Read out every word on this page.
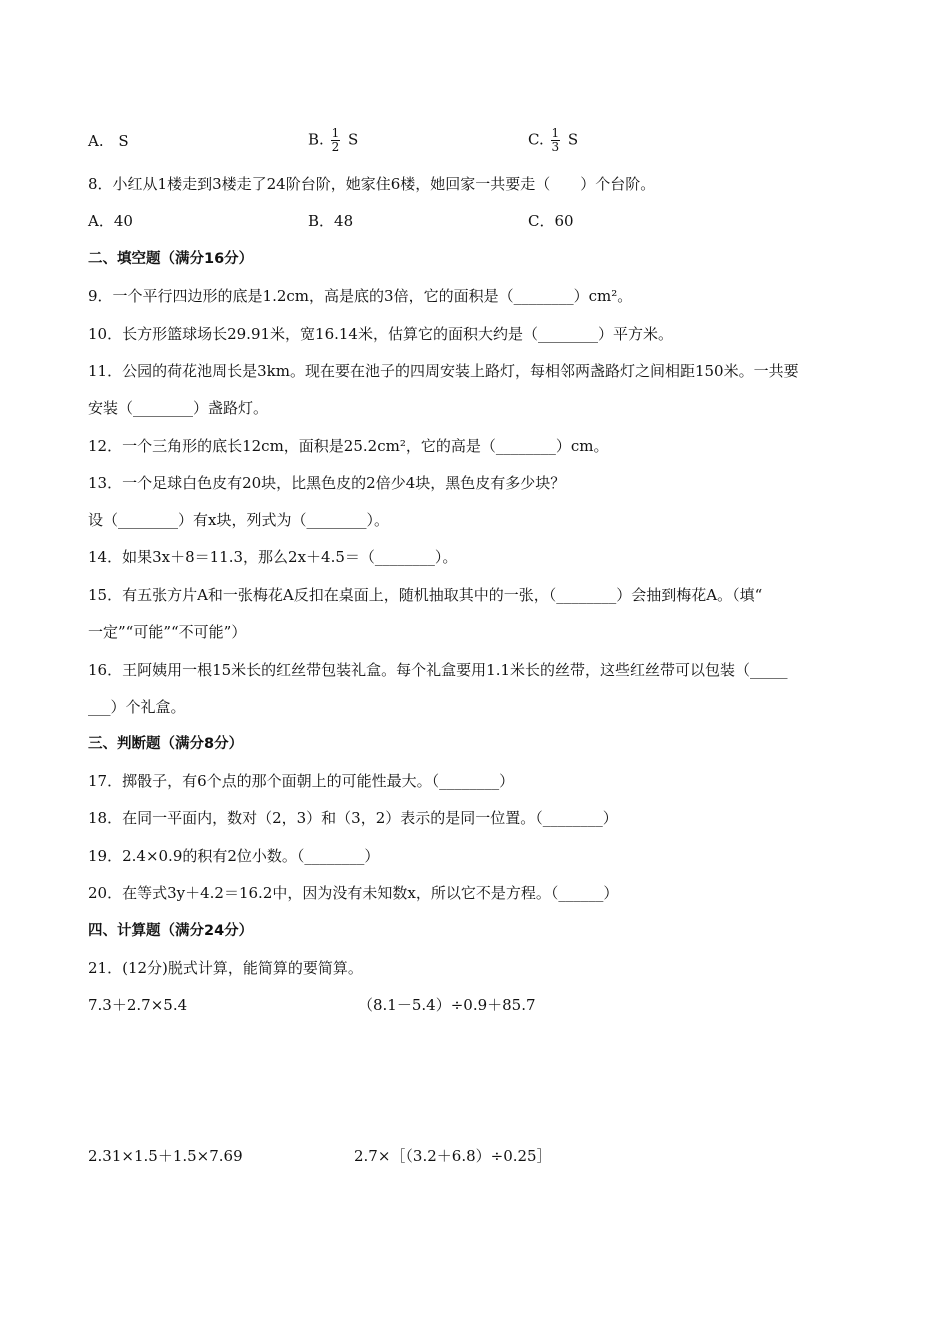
A. S	B. $\frac{1}{2}$ S	C. $\frac{1}{3}$ S
8．小红从1楼走到3楼走了24阶台阶，她家住6楼，她回家一共要走（　　）个台阶。
A．40	B．48	C．60
二、填空题（满分16分）
9．一个平行四边形的底是1.2cm，高是底的3倍，它的面积是（________）cm²。
10．长方形篮球场长29.91米，宽16.14米，估算它的面积大约是（________）平方米。
11．公园的荷花池周长是3km。现在要在池子的四周安装上路灯，每相邻两盏路灯之间相距150米。一共要
安装（________）盏路灯。
12．一个三角形的底长12cm，面积是25.2cm²，它的高是（________）cm。
13．一个足球白色皮有20块，比黑色皮的2倍少4块，黑色皮有多少块？
设（________）有x块，列式为（________）。
14．如果3x＋8＝11.3，那么2x＋4.5＝（________）。
15．有五张方片A和一张梅花A反扣在桌面上，随机抽取其中的一张，（________）会抽到梅花A。（填“
一定”“可能”“不可能”）
16．王阿姨用一根15米长的红丝带包装礼盒。每个礼盒要用1.1米长的丝带，这些红丝带可以包装（_____
___）个礼盒。
三、判断题（满分8分）
17．掷骰子，有6个点的那个面朝上的可能性最大。（________）
18．在同一平面内，数对（2，3）和（3，2）表示的是同一位置。（________）
19．2.4×0.9的积有2位小数。（________）
20．在等式3y＋4.2＝16.2中，因为没有未知数x，所以它不是方程。（______）
四、计算题（满分24分）
21．(12分)脱式计算，能简算的要简算。
7.3＋2.7×5.4	（8.1－5.4）÷0.9＋85.7
2.31×1.5＋1.5×7.69	2.7×［（3.2＋6.8）÷0.25］
